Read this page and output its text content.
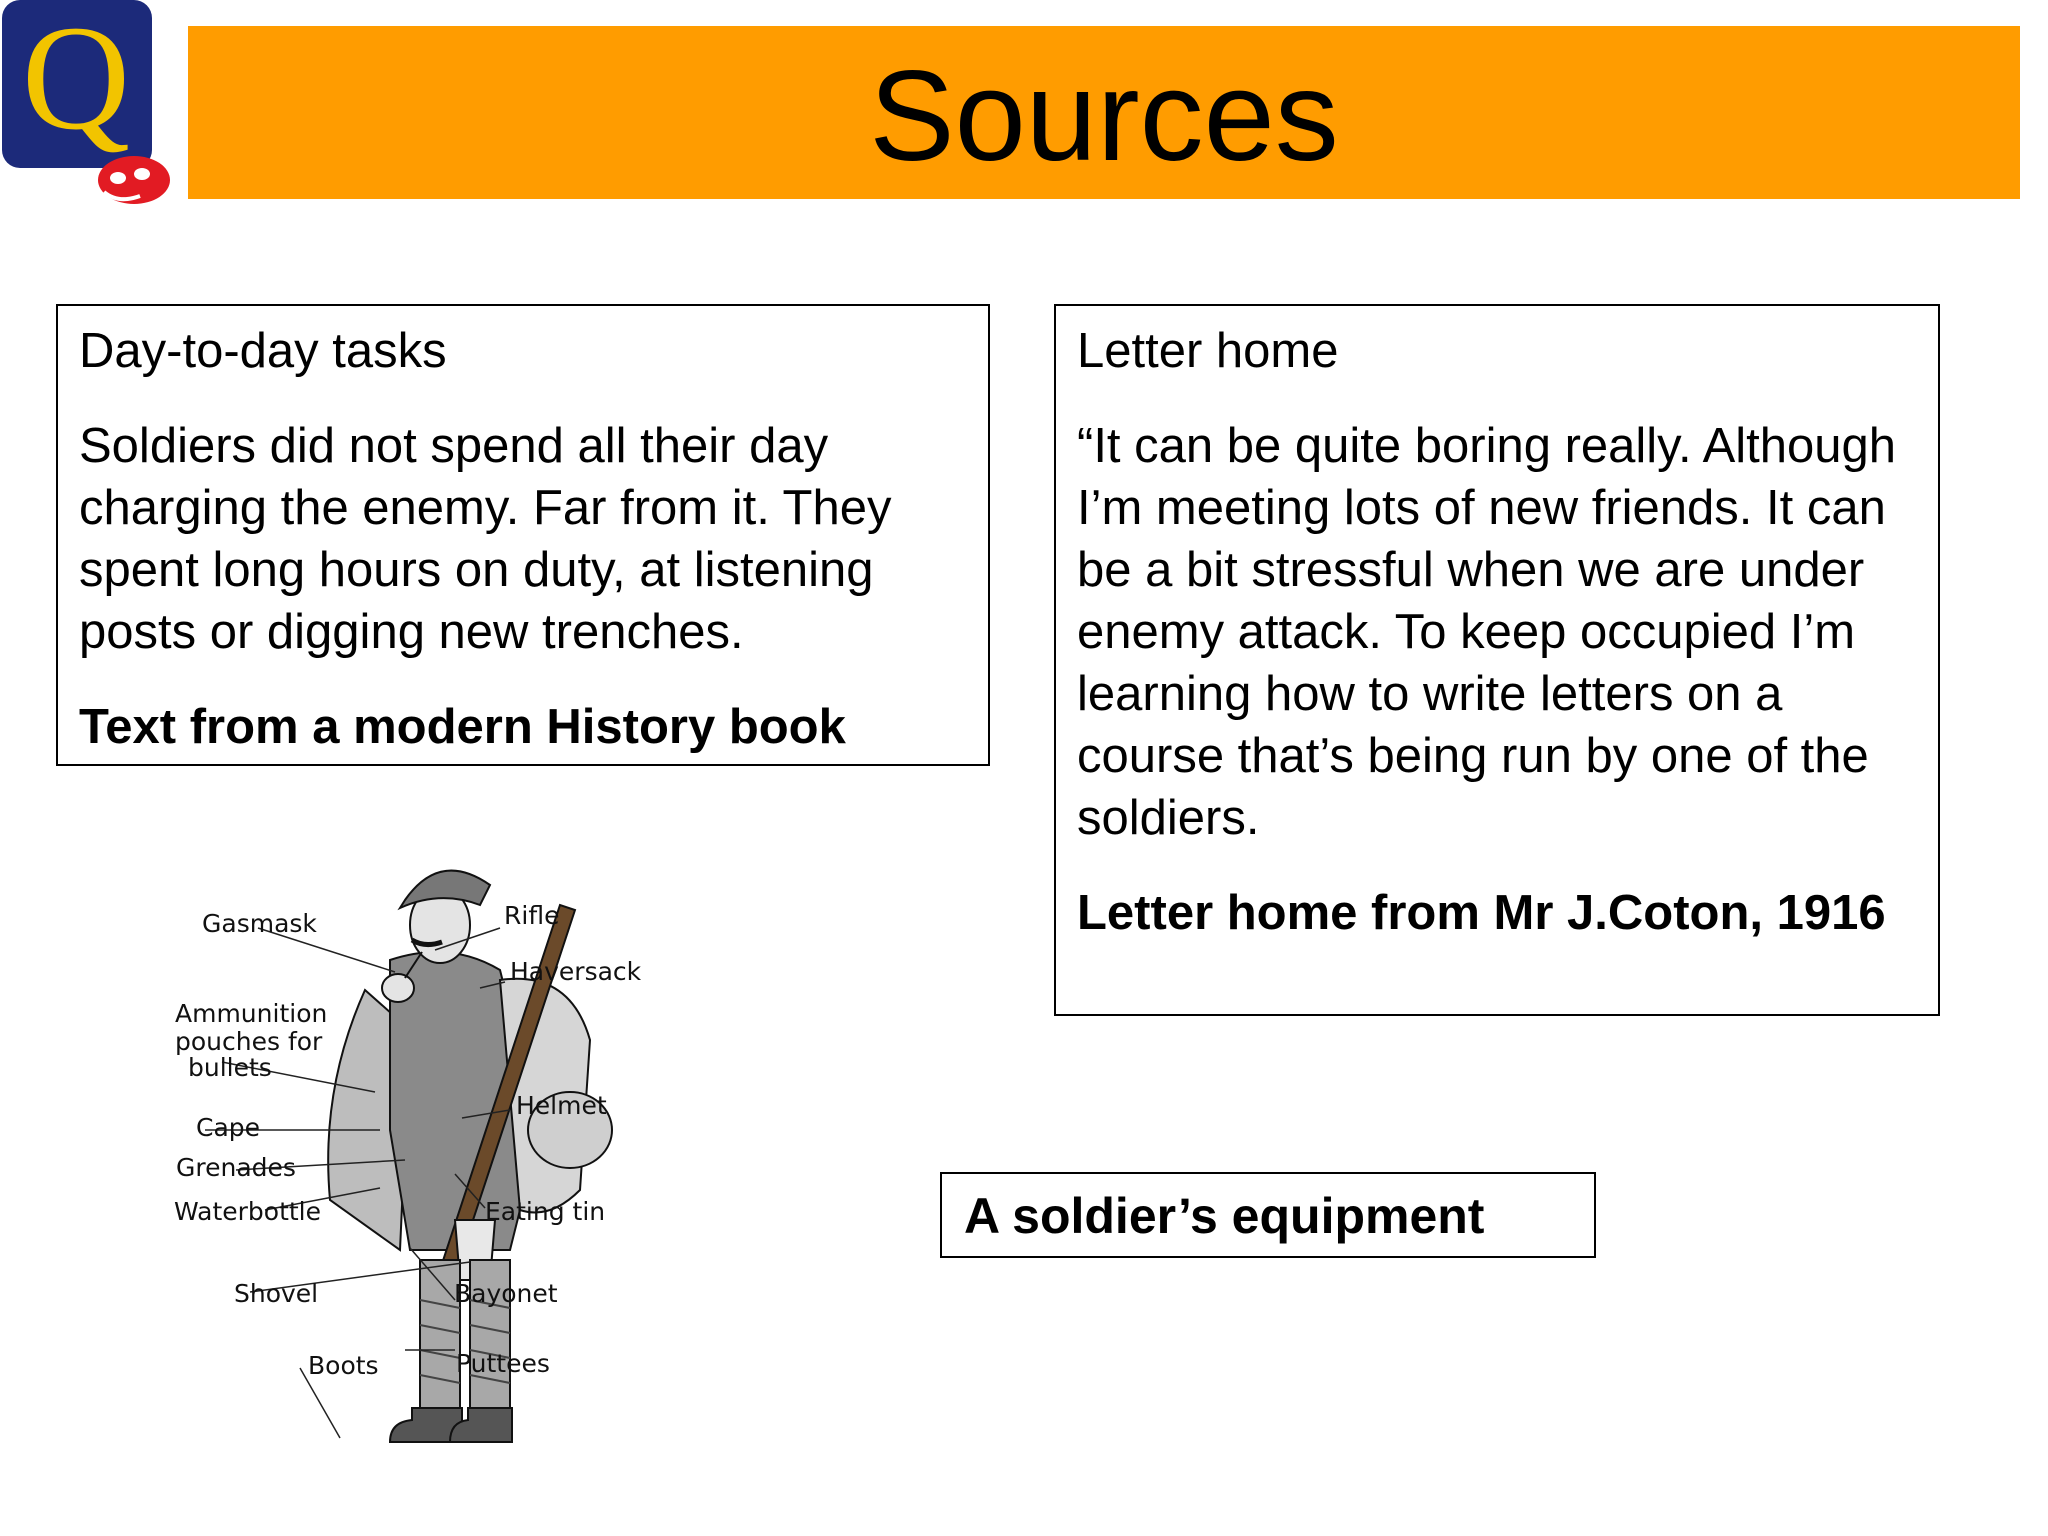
Q	Sources

Day-to-day tasks

Soldiers did not spend all their day charging the enemy. Far from it. They spent long hours on duty, at listening posts or digging new trenches.

Text from a modern History book

Letter home

“It can be quite boring really. Although I’m meeting lots of new friends. It can be a bit stressful when we are under enemy attack. To keep occupied I’m learning how to write letters on a course that’s being run by one of the soldiers.

Letter home from Mr J.Coton, 1916

Gasmask	Rifle
Haversack
Ammunition
pouches for
bullets
Helmet
Cape
Grenades
Waterbottle	Eating tin
Shovel	Bayonet
Boots	Puttees
A soldier’s equipment
